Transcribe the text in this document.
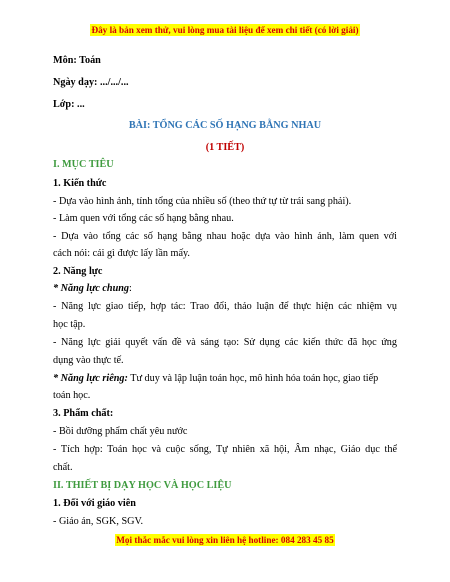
Đây là bản xem thử, vui lòng mua tài liệu để xem chi tiết (có lời giải)
Môn: Toán
Ngày dạy: .../.../...
Lớp: ...
BÀI: TỔNG CÁC SỐ HẠNG BẰNG NHAU
(1 TIẾT)
I. MỤC TIÊU
1. Kiến thức
- Dựa vào hình ảnh, tính tổng của nhiều số (theo thứ tự từ trái sang phải).
- Làm quen với tổng các số hạng bằng nhau.
- Dựa vào tổng các số hạng bằng nhau hoặc dựa vào hình ảnh, làm quen với
cách nói: cái gì được lấy lần mấy.
2. Năng lực
* Năng lực chung:
- Năng lực giao tiếp, hợp tác: Trao đổi, thảo luận để thực hiện các nhiệm vụ
học tập.
- Năng lực giải quyết vấn đề và sáng tạo: Sử dụng các kiến thức đã học ứng
dụng vào thực tế.
* Năng lực riêng: Tư duy và lập luận toán học, mô hình hóa toán học, giao tiếp
toán học.
3. Phẩm chất:
- Bồi dưỡng phẩm chất yêu nước
- Tích hợp: Toán học và cuộc sống, Tự nhiên xã hội, Âm nhạc, Giáo dục thể
chất.
II. THIẾT BỊ DẠY HỌC VÀ HỌC LIỆU
1. Đối với giáo viên
- Giáo án, SGK, SGV.
Mọi thắc mắc vui lòng xin liên hệ hotline: 084 283 45 85
